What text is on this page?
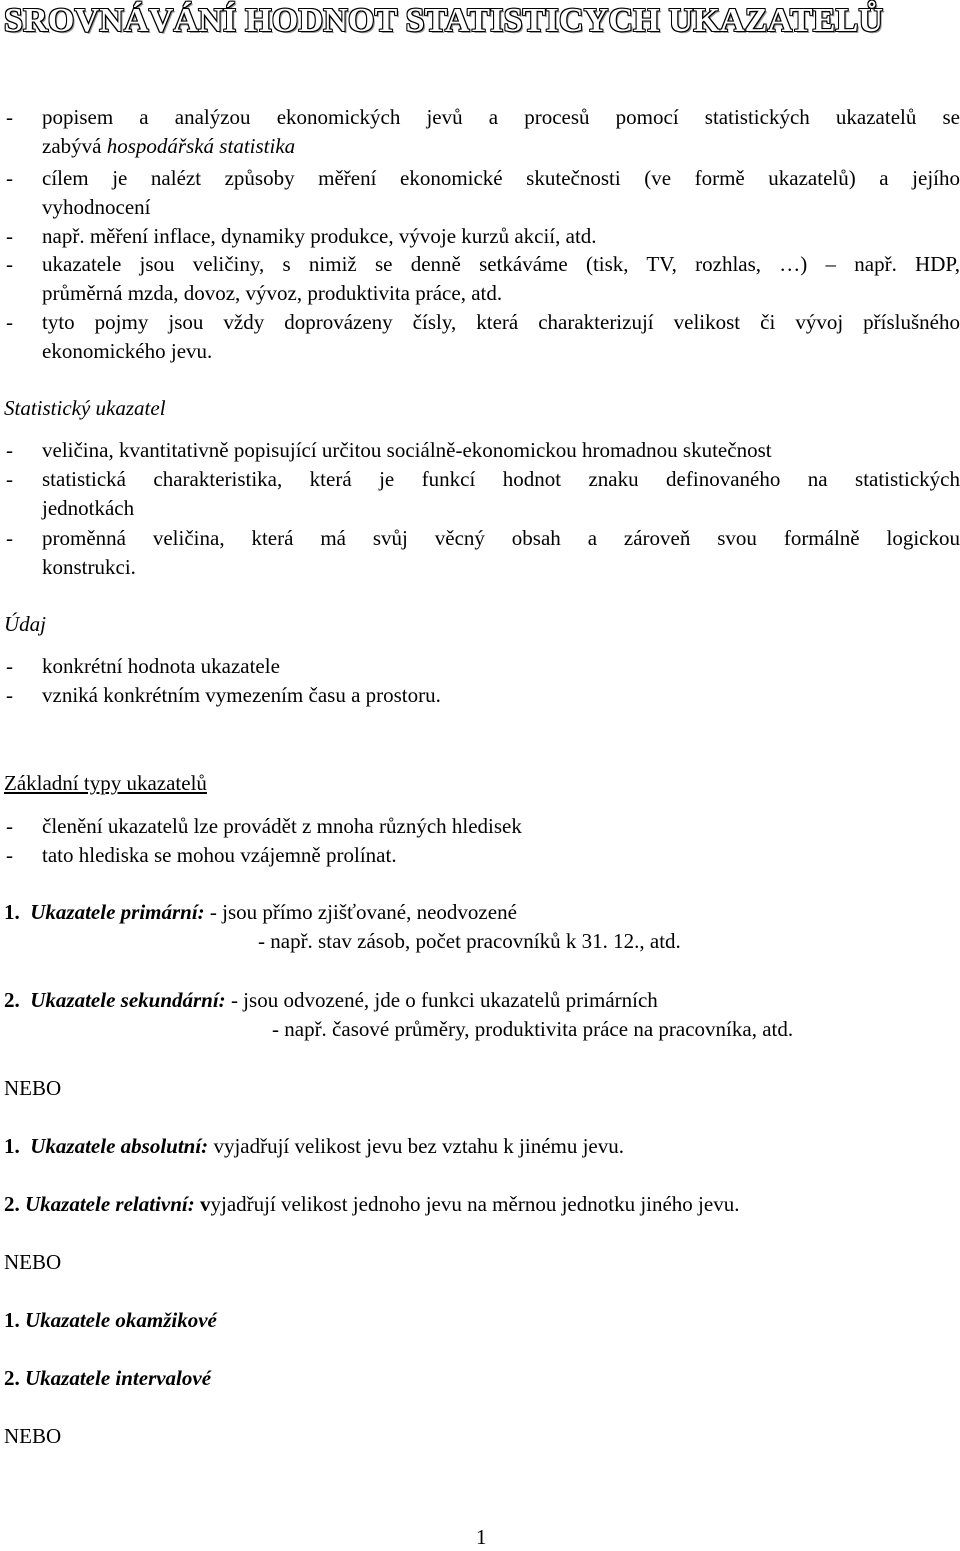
SROVNÁVÁNÍ HODNOT STATISTICYCH UKAZATELŮ
- popisem a analýzou ekonomických jevů a procesů pomocí statistických ukazatelů se
zabývá hospodářská statistika
- cílem je nalézt způsoby měření ekonomické skutečnosti (ve formě ukazatelů) a jejího
vyhodnocení
- např. měření inflace, dynamiky produkce, vývoje kurzů akcií, atd.
- ukazatele jsou veličiny, s nimiž se denně setkáváme (tisk, TV, rozhlas, …) – např. HDP,
průměrná mzda, dovoz, vývoz, produktivita práce, atd.
- tyto pojmy jsou vždy doprovázeny čísly, která charakterizují velikost či vývoj příslušného
ekonomického jevu.
Statistický ukazatel
- veličina, kvantitativně popisující určitou sociálně-ekonomickou hromadnou skutečnost
- statistická charakteristika, která je funkcí hodnot znaku definovaného na statistických
jednotkách
- proměnná veličina, která má svůj věcný obsah a zároveň svou formálně logickou
konstrukci.
Údaj
- konkrétní hodnota ukazatele
- vzniká konkrétním vymezením času a prostoru.
Základní typy ukazatelů
- členění ukazatelů lze provádět z mnoha různých hledisek
- tato hlediska se mohou vzájemně prolínat.
1. Ukazatele primární: - jsou přímo zjišťované, neodvozené
- např. stav zásob, počet pracovníků k 31. 12., atd.
2. Ukazatele sekundární: - jsou odvozené, jde o funkci ukazatelů primárních
- např. časové průměry, produktivita práce na pracovníka, atd.
NEBO
1. Ukazatele absolutní: vyjadřují velikost jevu bez vztahu k jinému jevu.
2. Ukazatele relativní: vyjadřují velikost jednoho jevu na měrnou jednotku jiného jevu.
NEBO
1. Ukazatele okamžikové
2. Ukazatele intervalové
NEBO
1
